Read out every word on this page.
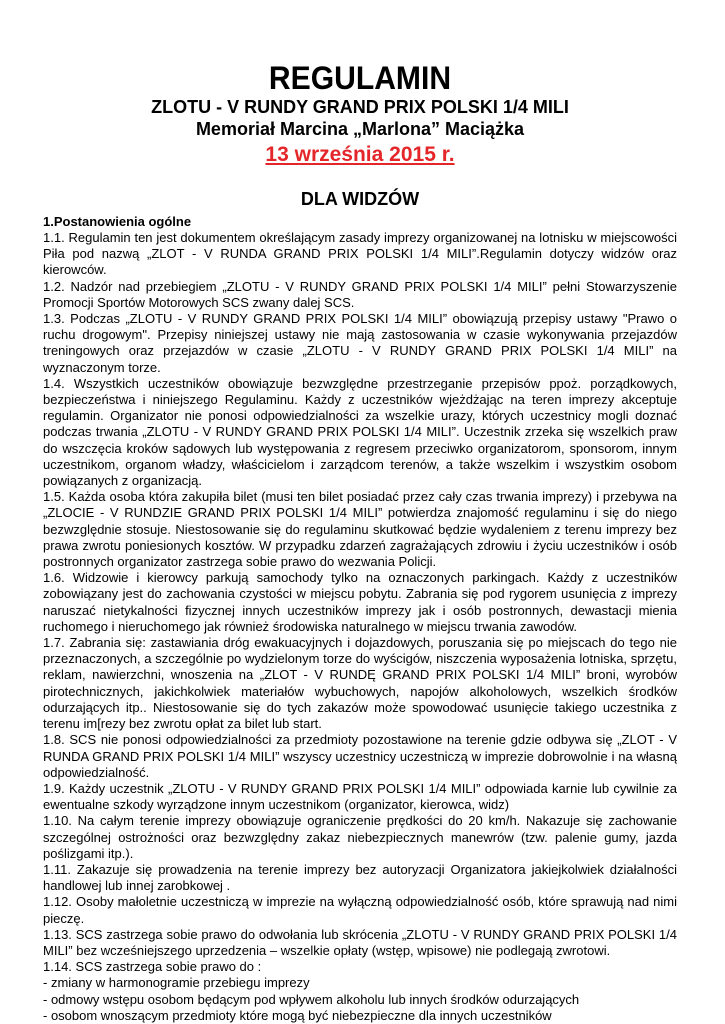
REGULAMIN

ZLOTU - V RUNDY GRAND PRIX POLSKI 1/4 MILI

Memoriał Marcina „Marlona” Maciążka

13 września 2015 r.

DLA WIDZÓW

1.Postanowienia ogólne

1.1. Regulamin ten jest dokumentem określającym zasady imprezy organizowanej na lotnisku w miejscowości Piła pod nazwą „ZLOT - V RUNDA GRAND PRIX POLSKI 1/4 MILI”.Regulamin dotyczy widzów oraz kierowców.

1.2. Nadzór nad przebiegiem „ZLOTU - V RUNDY GRAND PRIX POLSKI 1/4 MILI” pełni Stowarzyszenie Promocji Sportów Motorowych SCS zwany dalej SCS.

1.3. Podczas „ZLOTU - V RUNDY GRAND PRIX POLSKI 1/4 MILI” obowiązują przepisy ustawy "Prawo o ruchu drogowym". Przepisy niniejszej ustawy nie mają zastosowania w czasie wykonywania przejazdów treningowych oraz przejazdów w czasie „ZLOTU - V RUNDY GRAND PRIX POLSKI 1/4 MILI” na wyznaczonym torze.

1.4. Wszystkich uczestników obowiązuje bezwzględne przestrzeganie przepisów ppoż. porządkowych, bezpieczeństwa i niniejszego Regulaminu. Każdy z uczestników wjeżdżając na teren imprezy akceptuje regulamin. Organizator nie ponosi odpowiedzialności za wszelkie urazy, których uczestnicy mogli doznać podczas trwania „ZLOTU - V RUNDY GRAND PRIX POLSKI 1/4 MILI”. Uczestnik zrzeka się wszelkich praw do wszczęcia kroków sądowych lub występowania z regresem przeciwko organizatorom, sponsorom, innym uczestnikom, organom władzy, właścicielom i zarządcom terenów, a także wszelkim i wszystkim osobom powiązanych z organizacją.

1.5. Każda osoba która zakupiła bilet (musi ten bilet posiadać przez cały czas trwania imprezy) i przebywa na „ZLOCIE - V RUNDZIE GRAND PRIX POLSKI 1/4 MILI” potwierdza znajomość regulaminu i się do niego bezwzględnie stosuje. Niestosowanie się do regulaminu skutkować będzie wydaleniem z terenu imprezy bez prawa zwrotu poniesionych kosztów. W przypadku zdarzeń zagrażających zdrowiu i życiu uczestników i osób postronnych organizator zastrzega sobie prawo do wezwania Policji.

1.6. Widzowie i kierowcy parkują samochody tylko na oznaczonych parkingach. Każdy z uczestników zobowiązany jest do zachowania czystości w miejscu pobytu. Zabrania się pod rygorem usunięcia z imprezy naruszać nietykalności fizycznej innych uczestników imprezy jak i osób postronnych, dewastacji mienia ruchomego i nieruchomego jak również środowiska naturalnego w miejscu trwania zawodów.

1.7. Zabrania się: zastawiania dróg ewakuacyjnych i dojazdowych, poruszania się po miejscach do tego nie przeznaczonych, a szczególnie po wydzielonym torze do wyścigów, niszczenia wyposażenia lotniska, sprzętu, reklam, nawierzchni, wnoszenia na „ZLOT - V RUNDĘ GRAND PRIX POLSKI 1/4 MILI” broni, wyrobów pirotechnicznych, jakichkolwiek materiałów wybuchowych, napojów alkoholowych, wszelkich środków odurzających itp.. Niestosowanie się do tych zakazów może spowodować usunięcie takiego uczestnika z terenu im[rezy bez zwrotu opłat za bilet lub start.

1.8. SCS nie ponosi odpowiedzialności za przedmioty pozostawione na terenie gdzie odbywa się „ZLOT - V RUNDA GRAND PRIX POLSKI 1/4 MILI” wszyscy uczestnicy uczestniczą w imprezie dobrowolnie i na własną odpowiedzialność.

1.9. Każdy uczestnik „ZLOTU - V RUNDY GRAND PRIX POLSKI 1/4 MILI” odpowiada karnie lub cywilnie za ewentualne szkody wyrządzone innym uczestnikom (organizator, kierowca, widz)

1.10. Na całym terenie imprezy obowiązuje ograniczenie prędkości do 20 km/h. Nakazuje się zachowanie szczególnej ostrożności oraz bezwzględny zakaz niebezpiecznych manewrów (tzw. palenie gumy, jazda poślizgami itp.).

1.11. Zakazuje się prowadzenia na terenie imprezy bez autoryzacji Organizatora jakiejkolwiek działalności handlowej lub innej zarobkowej .

1.12. Osoby małoletnie uczestniczą w imprezie na wyłączną odpowiedzialność osób, które sprawują nad nimi pieczę.

1.13. SCS zastrzega sobie prawo do odwołania lub skrócenia „ZLOTU - V RUNDY GRAND PRIX POLSKI 1/4 MILI” bez wcześniejszego uprzedzenia – wszelkie opłaty (wstęp, wpisowe) nie podlegają zwrotowi.

1.14. SCS zastrzega sobie prawo do :

- zmiany w harmonogramie przebiegu imprezy

- odmowy wstępu osobom będącym pod wpływem alkoholu lub innych środków odurzających

- osobom wnoszącym przedmioty które mogą być niebezpieczne dla innych uczestników
